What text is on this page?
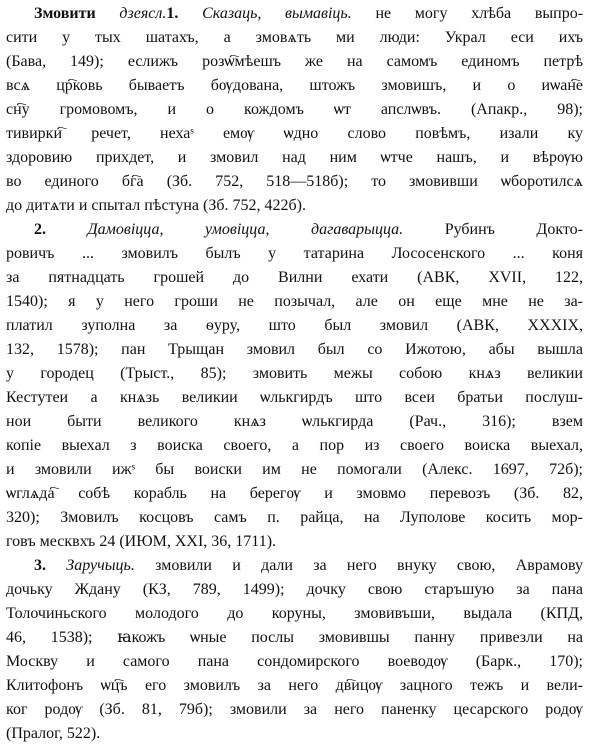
Змовити дзеясл.1. Сказаць, вымавіць. не могу хлѣба выпро-
сити у тых шатахъ, а змовѧть ми люди: Украл еси ихъ
(Бава, 149); еслижъ розѡ҇мѣешъ же на самомъ единомъ петрѣ
всѧ цр҇ковь бываетъ бѹдована, штожъ змовишъ, и о иѡан҇е
сн҇у громовомъ, и о кождомъ ѡт апслѡвъ. (Апакр., 98);
тивирки҇ речет, нехаˢ емѹ ѡдно слово повѣмъ, изали ку
здоровию прихдет, и змовил над ним ѡтче нашъ, и вѣрѹю
во единого бг҇а (Зб. 752, 518—518б); то змовивши ѡборотилсѧ
до дитѧти и спытал пѣстуна (Зб. 752, 422б).
2.	Дамовіцца, умовіцца, дагаварыцца.	Рубинъ Докто-
ровичъ ... змовилъ былъ у татарина Лососенского ... коня
за пятнадцать грошей до Вилни ехати (АВК, XVII, 122,
1540); я у него гроши не позычал, але он еще мне не за-
платил зуполна за ѳуру, што был змовил (АВК, XXXIX,
132, 1578); пан Трыщан змовил был со Ижотою, абы вышла
у городец (Трыст., 85); змовить межы собою кнѧз великии
Кестутеи а кнѧзь великии ѡлькгирдъ што всеи братьи послуш-
нои быти великого кнѧз ѡлькгирда (Рач., 316); взем
копіе выехал з воиска своего, а пор из своего воиска выехал,
и змовили ижˢ бы воиски им не помогали (Алекс. 1697, 72б);
ѡглѧда҇ собѣ корабль на берегѹ и змовмо перевозъ (Зб. 82,
320); Змовилъ косцовъ самъ п. райца, на Луполове косить мор-
говъ месквхъ 24 (ИЮМ, XXI, 36, 1711).
3. Заручыць. змовили и дали за него внуку свою, Аврамову
дочьку Ждану (КЗ, 789, 1499); дочку свою старъшую за пана
Толочиньского молодого до коруны, змовивъши, выдала (КПД,
46, 1538); ꙗкожъ ѡные послы змовившы панну привезли на
Москву и самого пана сондомирского воеводѹ (Барк., 170);
Клитофонъ ѡц҇ъ его змовилъ за него дв҇ицѹ зацного тежъ и вели-
ког родѹ (Зб. 81, 79б); змовили за него паненку цесарского родѹ
(Пралог, 522).
